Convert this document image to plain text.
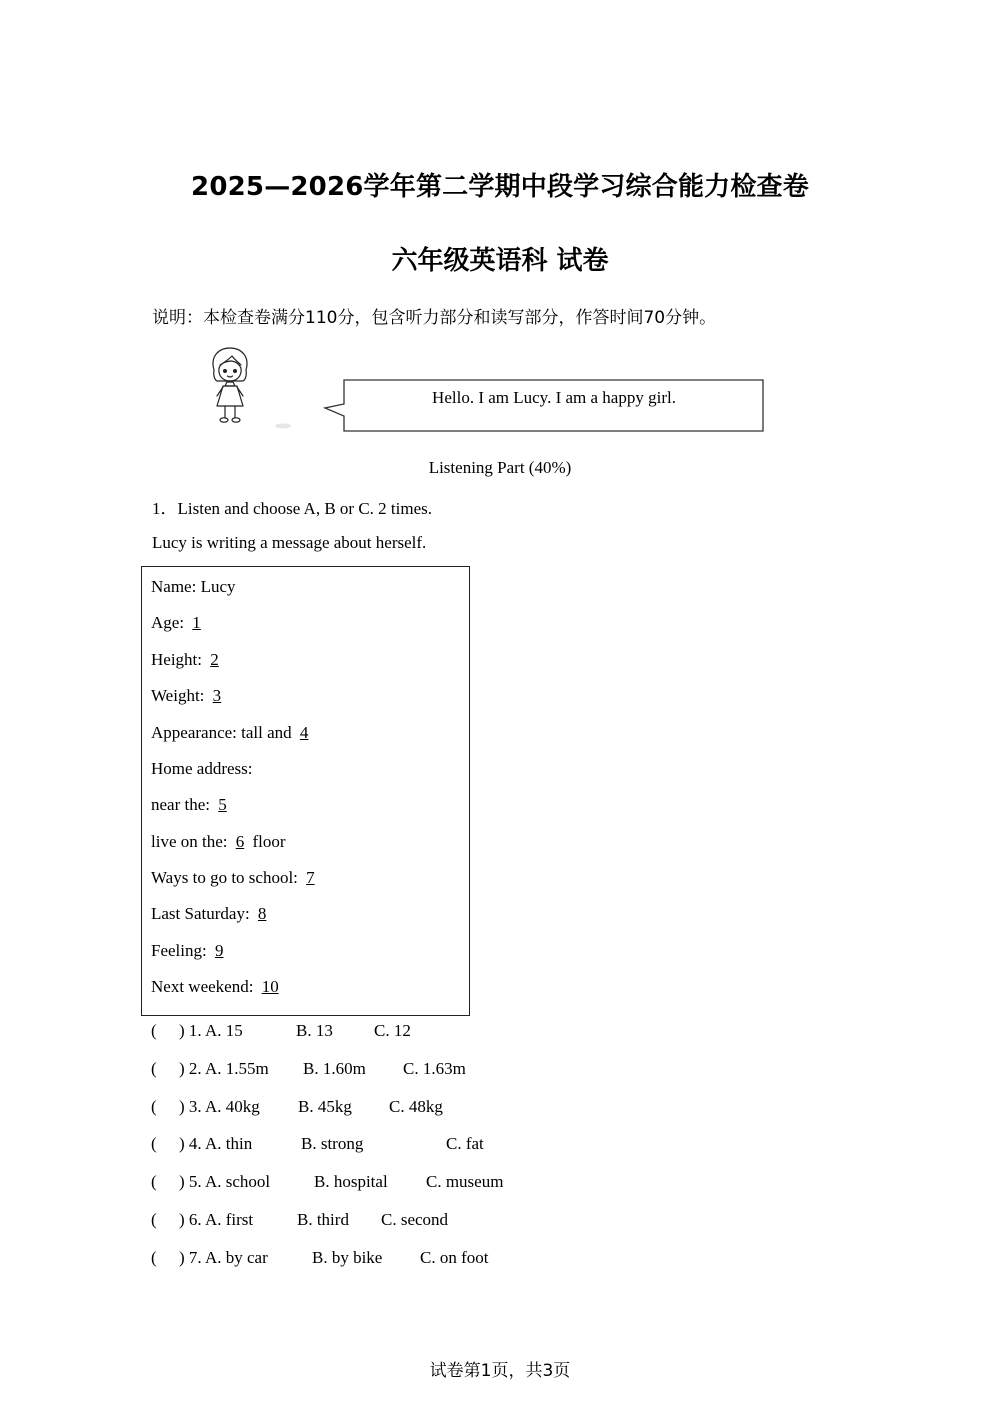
2025—2026学年第二学期中段学习综合能力检查卷
六年级英语科 试卷
说明：本检查卷满分110分，包含听力部分和读写部分，作答时间70分钟。
Hello. I am Lucy. I am a happy girl.
Listening Part (40%)
1．Listen and choose A, B or C. 2 times.
Lucy is writing a message about herself.
Name: Lucy
Age: 1
Height: 2
Weight: 3
Appearance: tall and 4
Home address:
near the: 5
live on the: 6 floor
Ways to go to school: 7
Last Saturday: 8
Feeling: 9
Next weekend: 10
( ) 1. A. 15	B. 13 C. 12
( ) 2. A. 1.55m B. 1.60m C. 1.63m
( ) 3. A. 40kg B. 45kg C. 48kg
( ) 4. A. thin	B. strong	C. fat
( ) 5. A. school	B. hospital C. museum
( ) 6. A. first	B. third C. second
( ) 7. A. by car	B. by bike C. on foot
试卷第1页，共3页
